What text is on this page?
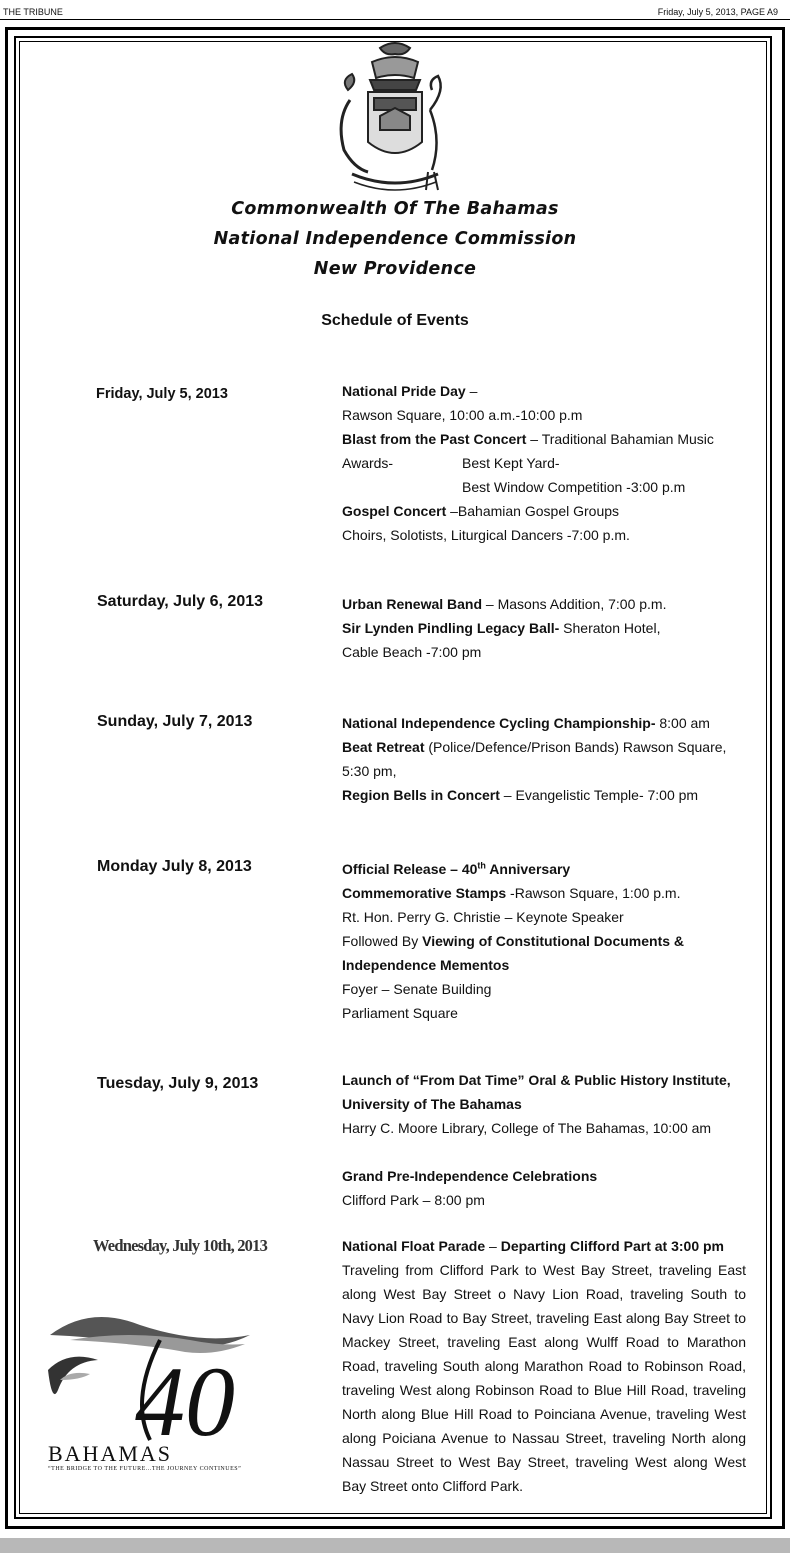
THE TRIBUNE	Friday, July 5, 2013, PAGE A9
Commonwealth Of The Bahamas
National Independence Commission
New Providence
Schedule of Events
Friday, July 5, 2013	National Pride Day –

Rawson Square, 10:00 a.m.-10:00 p.m

Blast from the Past Concert – Traditional Bahamian Music

Awards-	Best Kept Yard-

Best Window Competition -3:00 p.m

Gospel Concert –Bahamian Gospel Groups

Choirs, Solotists, Liturgical Dancers -7:00 p.m.

Saturday, July 6, 2013	Urban Renewal Band – Masons Addition, 7:00 p.m.

Sir Lynden Pindling Legacy Ball- Sheraton Hotel,

Cable Beach -7:00 pm

Sunday, July 7, 2013	National Independence Cycling Championship- 8:00 am

Beat Retreat (Police/Defence/Prison Bands) Rawson Square,

5:30 pm,

Region Bells in Concert – Evangelistic Temple- 7:00 pm

Monday July 8, 2013	Official Release – 40th Anniversary

Commemorative Stamps -Rawson Square, 1:00 p.m.

Rt. Hon. Perry G. Christie – Keynote Speaker

Followed By Viewing of Constitutional Documents &

Independence Mementos

Foyer – Senate Building

Parliament Square

Tuesday, July 9, 2013	Launch of “From Dat Time” Oral & Public History Institute,

University of The Bahamas

Harry C. Moore Library, College of The Bahamas, 10:00 am

Grand Pre-Independence Celebrations

Clifford Park – 8:00 pm

Wednesday, July 10th, 2013	National Float Parade – Departing Clifford Part at 3:00 pm

Traveling from Clifford Park to West Bay Street, traveling East along West Bay Street o Navy Lion Road, traveling South to Navy Lion Road to Bay Street, traveling East along Bay Street to Mackey Street, traveling East along Wulff Road to Marathon Road, traveling South along Marathon Road to Robinson Road, traveling West along Robinson Road to Blue Hill Road, traveling North along Blue Hill Road to Poinciana Avenue, traveling West along Poiciana Avenue to Nassau Street, traveling North along Nassau Street to West Bay Street, traveling West along West Bay Street onto Clifford Park.

40
BAHAMAS
“THE BRIDGE TO THE FUTURE...THE JOURNEY CONTINUES”
